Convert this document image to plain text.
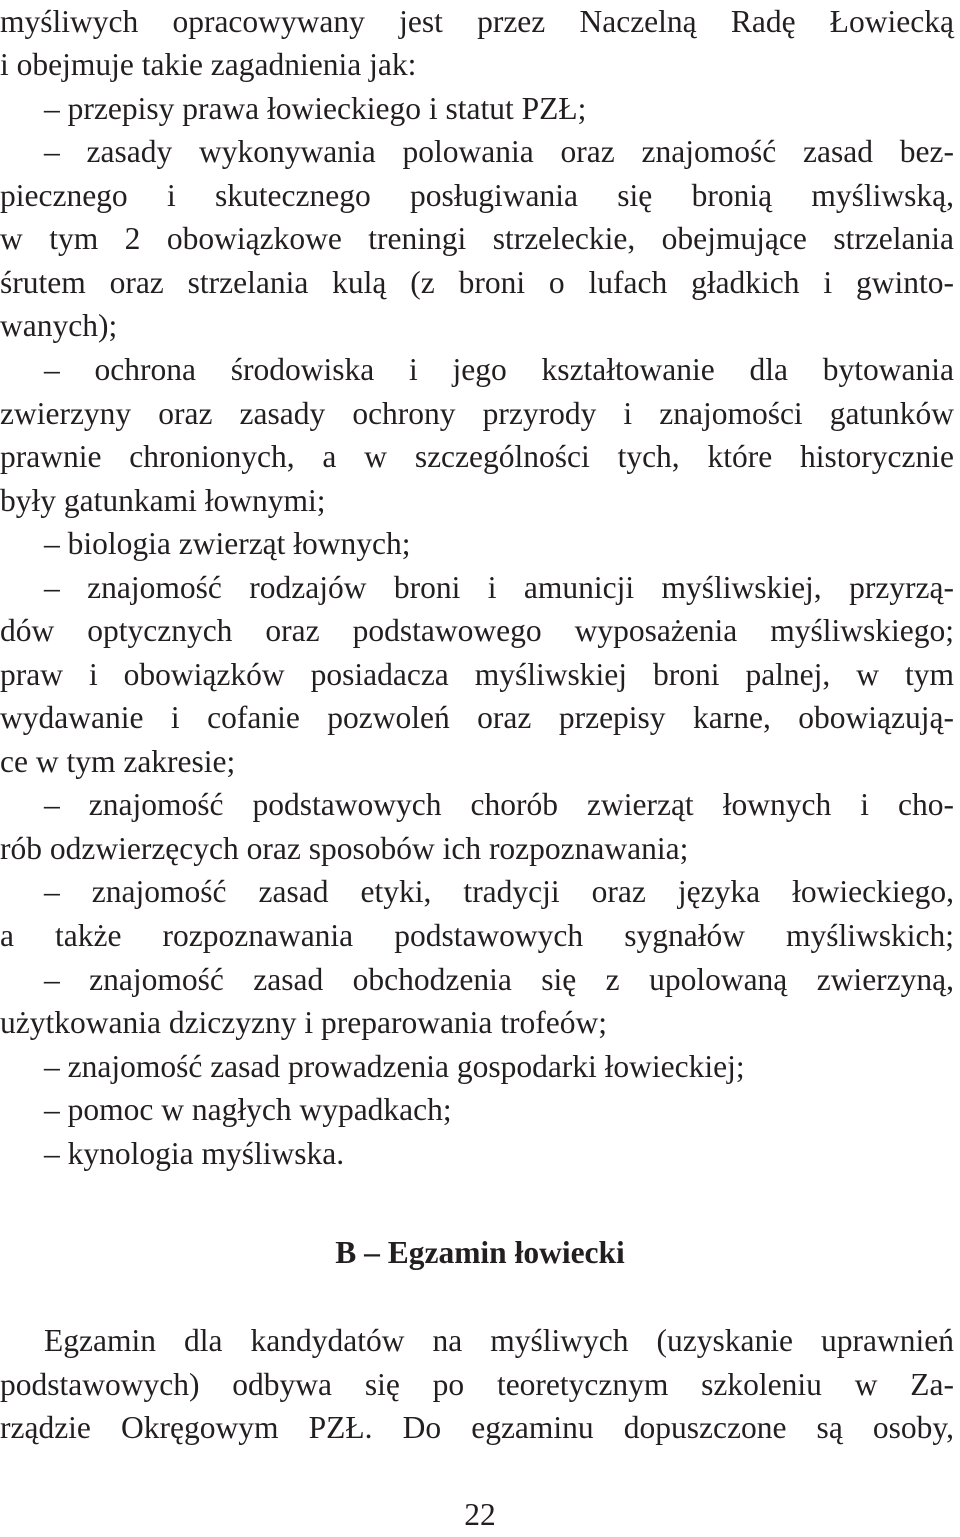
myśliwych opracowywany jest przez Naczelną Radę Łowiecką
i obejmuje takie zagadnienia jak:
– przepisy prawa łowieckiego i statut PZŁ;
– zasady wykonywania polowania oraz znajomość zasad bez-
piecznego i skutecznego posługiwania się bronią myśliwską,
w tym 2 obowiązkowe treningi strzeleckie, obejmujące strzelania
śrutem oraz strzelania kulą (z broni o lufach gładkich i gwinto-
wanych);
– ochrona środowiska i jego kształtowanie dla bytowania
zwierzyny oraz zasady ochrony przyrody i znajomości gatunków
prawnie chronionych, a w szczególności tych, które historycznie
były gatunkami łownymi;
– biologia zwierząt łownych;
– znajomość rodzajów broni i amunicji myśliwskiej, przyrzą-
dów optycznych oraz podstawowego wyposażenia myśliwskiego;
praw i obowiązków posiadacza myśliwskiej broni palnej, w tym
wydawanie i cofanie pozwoleń oraz przepisy karne, obowiązują-
ce w tym zakresie;
– znajomość podstawowych chorób zwierząt łownych i cho-
rób odzwierzęcych oraz sposobów ich rozpoznawania;
– znajomość zasad etyki, tradycji oraz języka łowieckiego,
a także rozpoznawania podstawowych sygnałów myśliwskich;
– znajomość zasad obchodzenia się z upolowaną zwierzyną,
użytkowania dziczyzny i preparowania trofeów;
– znajomość zasad prowadzenia gospodarki łowieckiej;
– pomoc w nagłych wypadkach;
– kynologia myśliwska.
B – Egzamin łowiecki
Egzamin dla kandydatów na myśliwych (uzyskanie uprawnień
podstawowych) odbywa się po teoretycznym szkoleniu w Za-
rządzie Okręgowym PZŁ. Do egzaminu dopuszczone są osoby,
22
